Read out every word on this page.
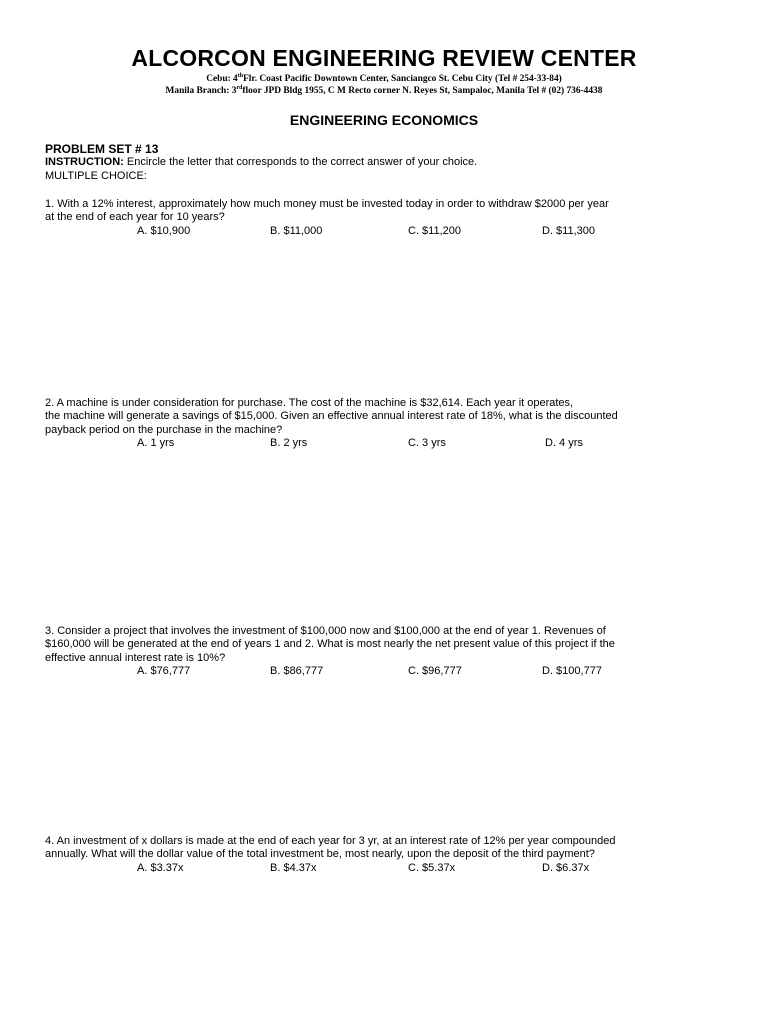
ALCORCON ENGINEERING REVIEW CENTER
Cebu: 4thFlr. Coast Pacific Downtown Center, Sanciangco St. Cebu City (Tel # 254-33-84)
Manila Branch: 3rdfloor JPD Bldg 1955, C M Recto corner N. Reyes St, Sampaloc, Manila Tel # (02) 736-4438
ENGINEERING ECONOMICS
PROBLEM SET # 13
INSTRUCTION: Encircle the letter that corresponds to the correct answer of your choice.
MULTIPLE CHOICE:
1. With a 12% interest, approximately how much money must be invested today in order to withdraw $2000 per year
at the end of each year for 10 years?
A. $10,900	B. $11,000	C. $11,200	D. $11,300
2. A machine is under consideration for purchase. The cost of the machine is $32,614. Each year it operates,
the machine will generate a savings of $15,000. Given an effective annual interest rate of 18%, what is the discounted
payback period on the purchase in the machine?
A. 1 yrs	B. 2 yrs	C. 3 yrs	D. 4 yrs
3. Consider a project that involves the investment of $100,000 now and $100,000 at the end of year 1. Revenues of
$160,000 will be generated at the end of years 1 and 2. What is most nearly the net present value of this project if the
effective annual interest rate is 10%?
A. $76,777	B. $86,777	C. $96,777	D. $100,777
4. An investment of x dollars is made at the end of each year for 3 yr, at an interest rate of 12% per year compounded
annually. What will the dollar value of the total investment be, most nearly, upon the deposit of the third payment?
A. $3.37x	B. $4.37x	C. $5.37x	D. $6.37x
